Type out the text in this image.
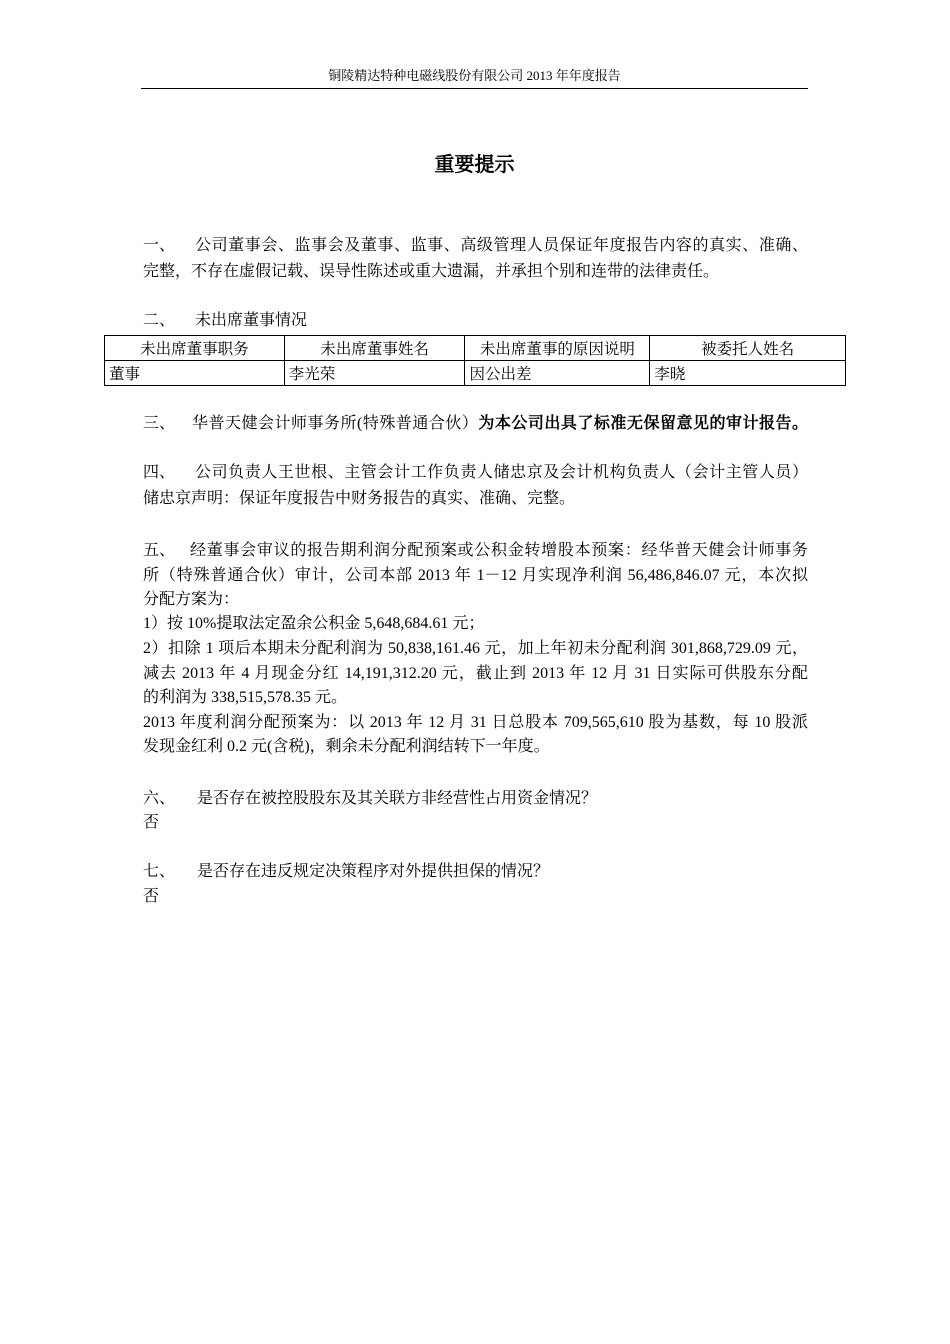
铜陵精达特种电磁线股份有限公司 2013 年年度报告
重要提示
一、 公司董事会、监事会及董事、监事、高级管理人员保证年度报告内容的真实、准确、
完整，不存在虚假记载、误导性陈述或重大遗漏，并承担个别和连带的法律责任。
二、 未出席董事情况
未出席董事职务	未出席董事姓名	未出席董事的原因说明	被委托人姓名
董事	李光荣	因公出差	李晓
三、 华普天健会计师事务所(特殊普通合伙）为本公司出具了标准无保留意见的审计报告。
四、 公司负责人王世根、主管会计工作负责人储忠京及会计机构负责人（会计主管人员）
储忠京声明：保证年度报告中财务报告的真实、准确、完整。
五、 经董事会审议的报告期利润分配预案或公积金转增股本预案：经华普天健会计师事务
所（特殊普通合伙）审计，公司本部 2013 年 1－12 月实现净利润 56,486,846.07 元，本次拟
分配方案为：
1）按 10%提取法定盈余公积金 5,648,684.61 元；
2）扣除 1 项后本期未分配利润为 50,838,161.46 元，加上年初未分配利润 301,868,729.09 元，
减去 2013 年 4 月现金分红 14,191,312.20 元，截止到 2013 年 12 月 31 日实际可供股东分配
的利润为 338,515,578.35 元。
2013 年度利润分配预案为：以 2013 年 12 月 31 日总股本 709,565,610 股为基数，每 10 股派
发现金红利 0.2 元(含税)，剩余未分配利润结转下一年度。
六、 是否存在被控股股东及其关联方非经营性占用资金情况？
否
七、 是否存在违反规定决策程序对外提供担保的情况？
否
